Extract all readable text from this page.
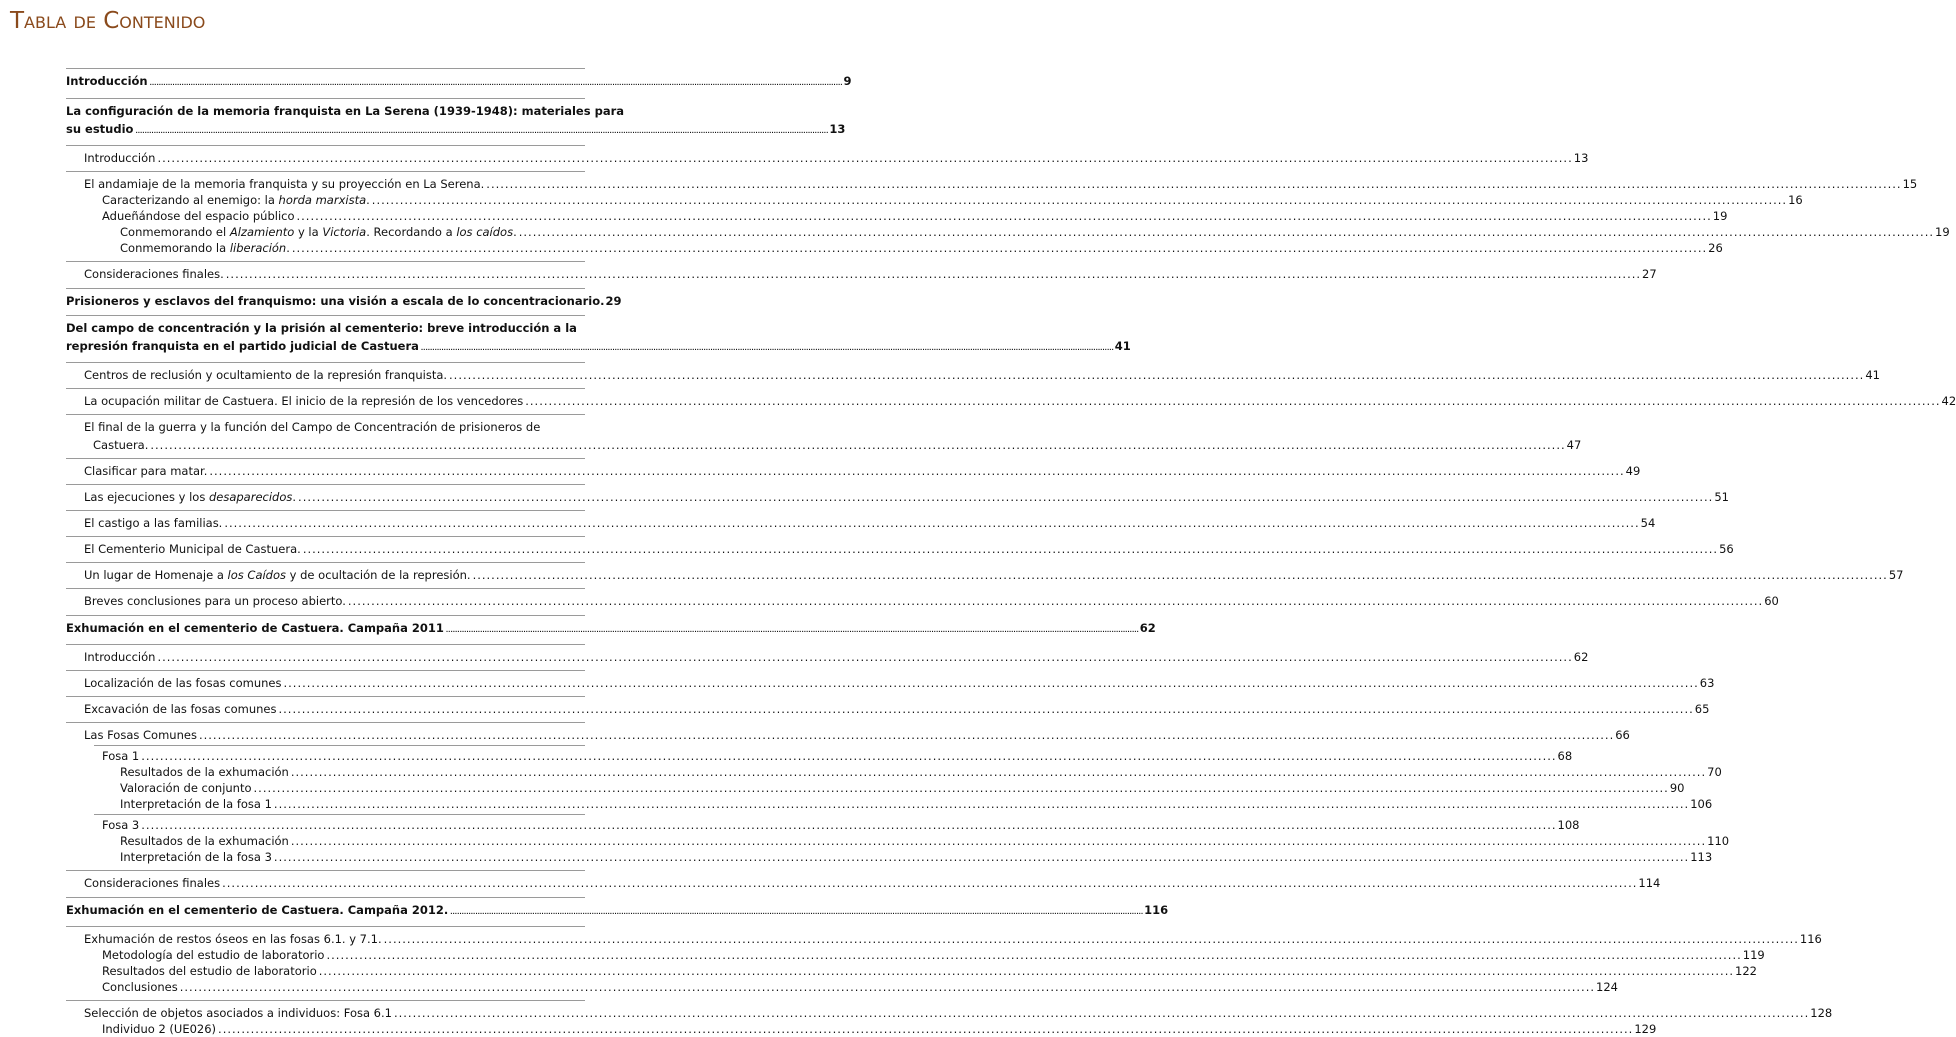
Tabla de Contenido
Introducción .....	9
La configuración de la memoria franquista en La Serena (1939-1948): materiales para
su estudio .....	13
Introducción .....	13
El andamiaje de la memoria franquista y su proyección en La Serena. .....	15
Caracterizando al enemigo: la horda marxista. .....	16
Adueñándose del espacio público .....	19
Conmemorando el Alzamiento y la Victoria. Recordando a los caídos. .....	19
Conmemorando la liberación. .....	26
Consideraciones finales. .....	27
Prisioneros y esclavos del franquismo: una visión a escala de lo concentracionario. 29
Del campo de concentración y la prisión al cementerio: breve introducción a la
represión franquista en el partido judicial de Castuera .....	41
Centros de reclusión y ocultamiento de la represión franquista. .....	41
La ocupación militar de Castuera. El inicio de la represión de los vencedores .....	42
El final de la guerra y la función del Campo de Concentración de prisioneros de
Castuera. .....	47
Clasificar para matar. .....	49
Las ejecuciones y los desaparecidos. .....	51
El castigo a las familias. .....	54
El Cementerio Municipal de Castuera. .....	56
Un lugar de Homenaje a los Caídos y de ocultación de la represión. .....	57
Breves conclusiones para un proceso abierto. .....	60
Exhumación en el cementerio de Castuera. Campaña 2011 .....	62
Introducción .....	62
Localización de las fosas comunes .....	63
Excavación de las fosas comunes .....	65
Las Fosas Comunes .....	66
Fosa 1 .....	68
Resultados de la exhumación .....	70
Valoración de conjunto .....	90
Interpretación de la fosa 1 .....	106
Fosa 3 .....	108
Resultados de la exhumación .....	110
Interpretación de la fosa 3 .....	113
Consideraciones finales .....	114
Exhumación en el cementerio de Castuera. Campaña 2012. .....	116
Exhumación de restos óseos en las fosas 6.1. y 7.1. .....	116
Metodología del estudio de laboratorio .....	119
Resultados del estudio de laboratorio .....	122
Conclusiones .....	124
Selección de objetos asociados a individuos: Fosa 6.1 .....	128
Individuo 2 (UE026) .....	129
